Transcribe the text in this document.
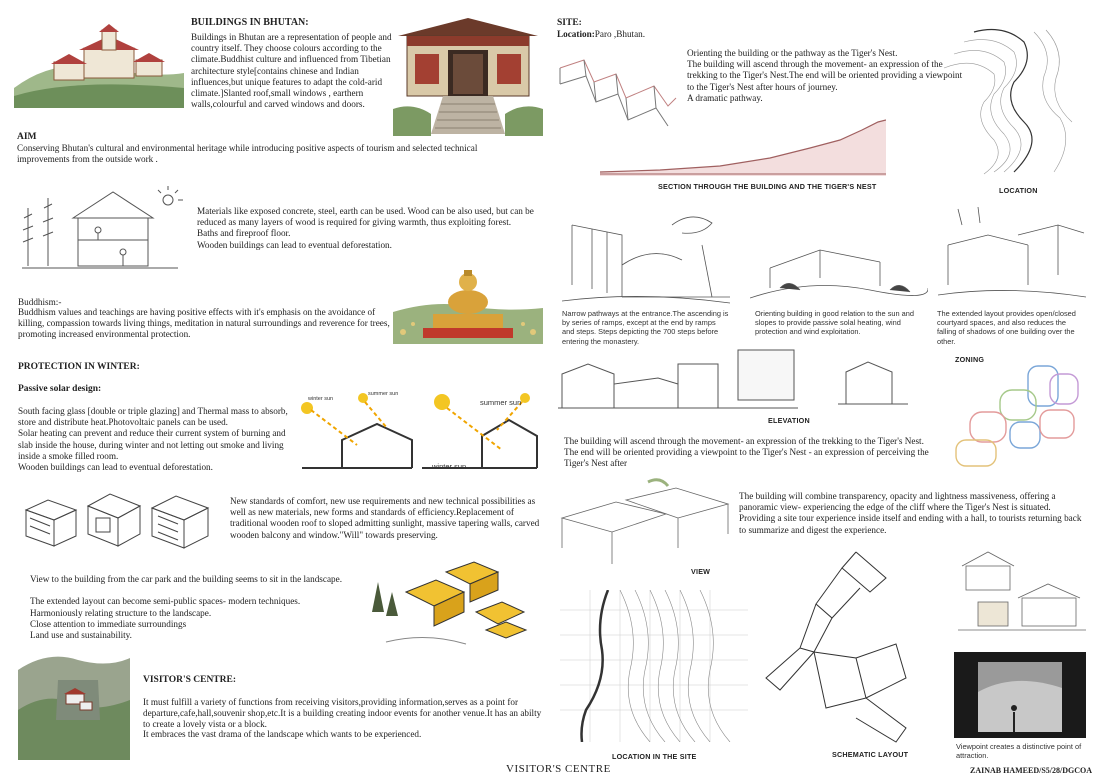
BUILDINGS IN BHUTAN:
Buildings in Bhutan are a representation of people and country itself. They choose colours according to the climate.Buddhist culture and influenced from Tibetian architecture style[contains chinese and Indian influences,but unique features to adapt the cold-arid climate.]Slanted roof,small windows , earthern walls,colourful and carved windows and doors.
AIM
Conserving Bhutan's cultural and environmental heritage while introducing positive aspects of tourism and selected technical improvements from the outside work .
Materials like exposed concrete, steel, earth can be used. Wood can be also used, but can be reduced as many layers of wood is required for giving warmth, thus exploiting forest.
Baths and fireproof floor.
Wooden buildings can lead to eventual deforestation.
Buddhism:-
Buddhism values and teachings are having positive effects with it's emphasis on the avoidance of killing, compassion towards living things, meditation in natural surroundings and reverence for trees, promoting increased environmental protection.
PROTECTION IN WINTER:
Passive solar design:
South facing glass [double or triple glazing] and Thermal mass to absorb, store and distribute heat.Photovoltaic panels can be used.
Solar heating can prevent and reduce their current system of burning and slab inside the house, during winter and not letting out smoke and living inside a smoke filled room.
Wooden buildings can lead to eventual deforestation.
winter sun
summer sun
summer sun
winter sun
New standards of comfort, new use requirements and new technical possibilities as well as new materials, new forms and standards of efficiency.Replacement of traditional wooden roof to sloped admitting sunlight, massive tapering walls, carved wooden balcony and window."Will" towards preserving.
View to the building from the car park and the building seems to sit in the landscape.

The extended layout can become semi-public spaces- modern techniques.
Harmoniously relating structure to the landscape.
Close attention to immediate surroundings
Land use and sustainability.
VISITOR'S CENTRE:
It must fulfill a variety of functions from receiving visitors,providing information,serves as a point for departure,cafe,hall,souvenir shop,etc.It is a building creating indoor events for another venue.It has an abilty to create a lovely vista or a block.
It embraces the vast drama of the landscape which wants to be experienced.
SITE:
Location:Paro ,Bhutan.
Orienting the building or the pathway as the Tiger's Nest.
The building will ascend through the movement- an expression of the trekking to the Tiger's Nest.The end will be oriented providing a viewpoint to the Tiger's Nest after hours of journey.
A dramatic pathway.
SECTION THROUGH THE BUILDING AND THE TIGER'S NEST	LOCATION
Narrow pathways at the entrance.The ascending is by series of ramps, except at the end by ramps and steps. Steps depicting the 700 steps before entering the monastery.
Orienting building in good relation to the sun and slopes to provide passive solal heating, wind protection and wind exploitation.
The extended layout provides open/closed courtyard spaces, and also reduces the falling of shadows of one building over the other.
ZONING
ELEVATION
The building will ascend through the movement- an expression of the trekking to the Tiger's Nest.
The end will be oriented providing a viewpoint to the Tiger's Nest - an expression of perceiving the Tiger's Nest after
VIEW
The building will combine transparency, opacity and lightness massiveness, offering a panoramic view- experiencing the edge of the cliff where the Tiger's Nest is situated. Providing a site tour experience inside itself and ending with a hall, to tourists returning back to summarize and digest the experience.
LOCATION IN THE SITE	SCHEMATIC LAYOUT
Viewpoint creates a distinctive point of attraction.
VISITOR'S CENTRE	ZAINAB HAMEED/S5/28/DGCOA
